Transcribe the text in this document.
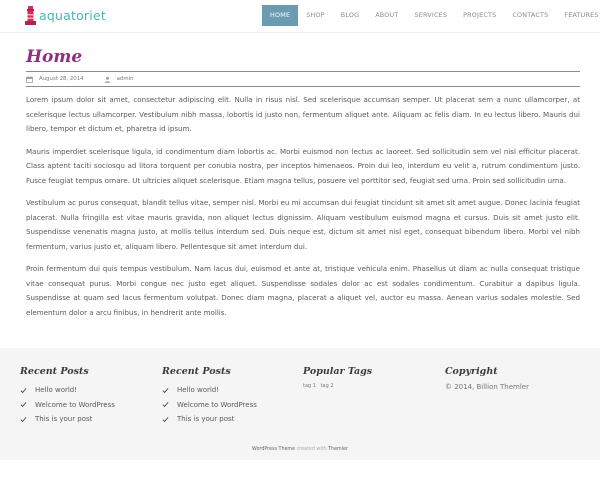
aquatoriet	HOME	SHOP	BLOG	ABOUT	SERVICES	PROJECTS	CONTACTS	FEATURES
Home
August 28, 2014	admin

Lorem ipsum dolor sit amet, consectetur adipiscing elit. Nulla in risus nisl. Sed scelerisque accumsan semper. Ut placerat sem a nunc ullamcorper, at scelerisque lectus ullamcorper. Vestibulum nibh massa, lobortis id justo non, fermentum aliquet ante. Aliquam ac felis diam. In eu lectus libero. Mauris dui libero, tempor et dictum et, pharetra id ipsum.

Mauris imperdiet scelerisque ligula, id condimentum diam lobortis ac. Morbi euismod non lectus ac laoreet. Sed sollicitudin sem vel nisl efficitur placerat. Class aptent taciti sociosqu ad litora torquent per conubia nostra, per inceptos himenaeos. Proin dui leo, interdum eu velit a, rutrum condimentum justo. Fusce feugiat tempus ornare. Ut ultricies aliquet scelerisque. Etiam magna tellus, posuere vel porttitor sed, feugiat sed urna. Proin sed sollicitudin urna.

Vestibulum ac purus consequat, blandit tellus vitae, semper nisl. Morbi eu mi accumsan dui feugiat tincidunt sit amet sit amet augue. Donec lacinia feugiat placerat. Nulla fringilla est vitae mauris gravida, non aliquet lectus dignissim. Aliquam vestibulum euismod magna et cursus. Duis sit amet justo elit. Suspendisse venenatis magna justo, at mollis tellus interdum sed. Duis neque est, dictum sit amet nisl eget, consequat bibendum libero. Morbi vel nibh fermentum, varius justo et, aliquam libero. Pellentesque sit amet interdum dui.

Proin fermentum dui quis tempus vestibulum. Nam lacus dui, euismod et ante at, tristique vehicula enim. Phasellus ut diam ac nulla consequat tristique vitae consequat purus. Morbi congue nec justo eget aliquet. Suspendisse sodales dolor ac est sodales condimentum. Curabitur a dapibus ligula. Suspendisse at quam sed lacus fermentum volutpat. Donec diam magna, placerat a aliquet vel, auctor eu massa. Aenean varius sodales molestie. Sed elementum dolor a arcu finibus, in hendrerit ante mollis.

Recent Posts
Hello world!
Welcome to WordPress
This is your post
Recent Posts
Hello world!
Welcome to WordPress
This is your post
Popular Tags
tag 1 tag 2
Copyright
© 2014, Billion Themler
WordPress Theme created with Themler
